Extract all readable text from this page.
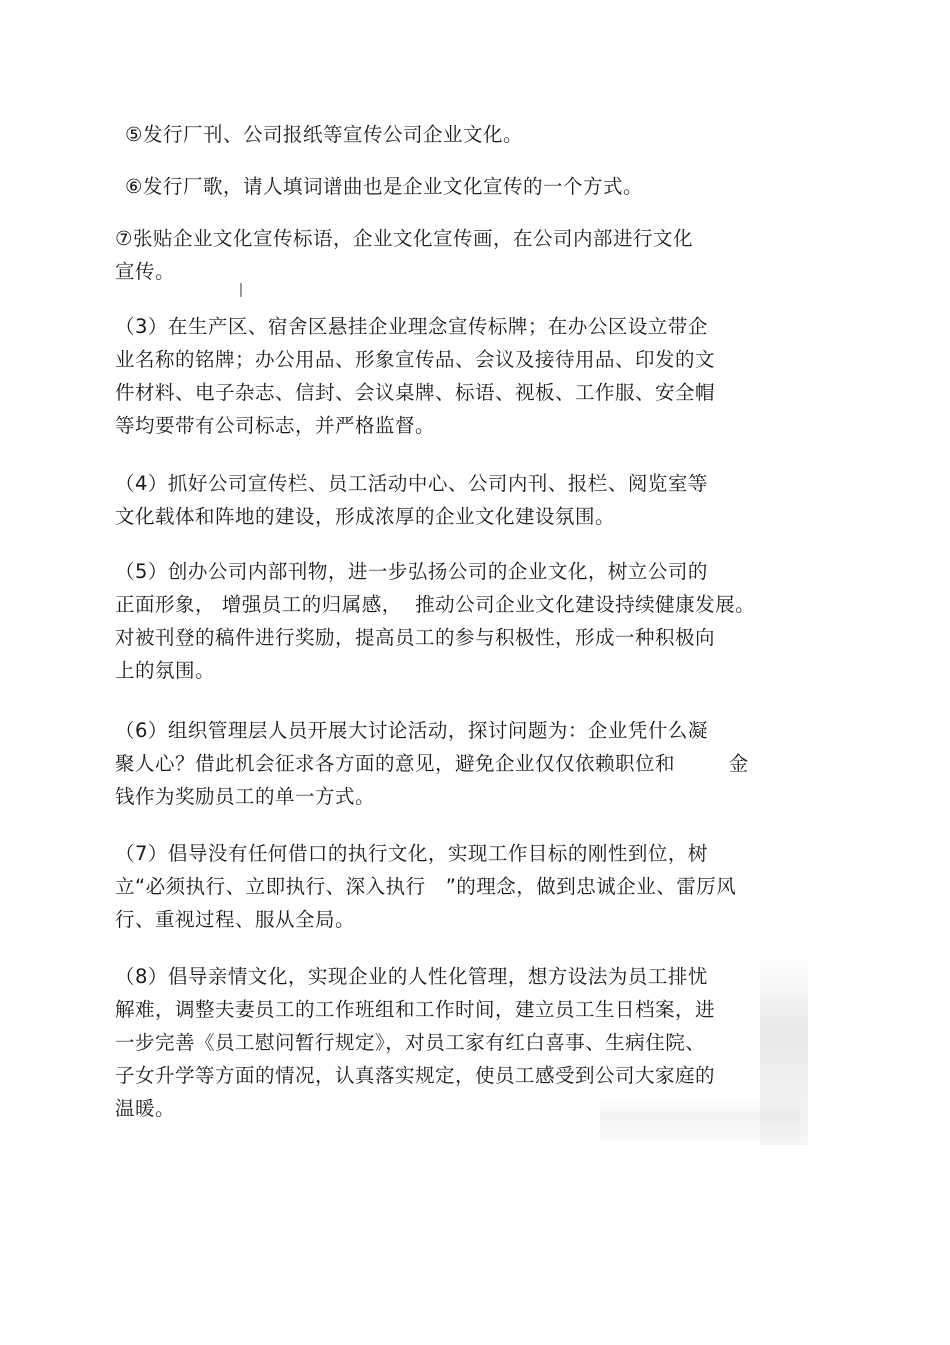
⑤发行厂刊、公司报纸等宣传公司企业文化。

⑥发行厂歌，请人填词谱曲也是企业文化宣传的一个方式。

⑦张贴企业文化宣传标语，企业文化宣传画，在公司内部进行文化
宣传。

（3）在生产区、宿舍区悬挂企业理念宣传标牌；在办公区设立带企
业名称的铭牌；办公用品、形象宣传品、会议及接待用品、印发的文
件材料、电子杂志、信封、会议桌牌、标语、视板、工作服、安全帽
等均要带有公司标志，并严格监督。

（4）抓好公司宣传栏、员工活动中心、公司内刊、报栏、阅览室等
文化载体和阵地的建设，形成浓厚的企业文化建设氛围。

（5）创办公司内部刊物，进一步弘扬公司的企业文化，树立公司的
正面形象， 增强员工的归属感，  推动公司企业文化建设持续健康发展。
对被刊登的稿件进行奖励，提高员工的参与积极性，形成一种积极向
上的氛围。

（6）组织管理层人员开展大讨论活动，探讨问题为：企业凭什么凝
聚人心？借此机会征求各方面的意见，避免企业仅仅依赖职位和        金
钱作为奖励员工的单一方式。

（7）倡导没有任何借口的执行文化，实现工作目标的刚性到位，树
立“必须执行、立即执行、深入执行   ”的理念，做到忠诚企业、雷厉风
行、重视过程、服从全局。

（8）倡导亲情文化，实现企业的人性化管理，想方设法为员工排忧
解难，调整夫妻员工的工作班组和工作时间，建立员工生日档案，进
一步完善《员工慰问暂行规定》，对员工家有红白喜事、生病住院、
子女升学等方面的情况，认真落实规定，使员工感受到公司大家庭的
温暖。
